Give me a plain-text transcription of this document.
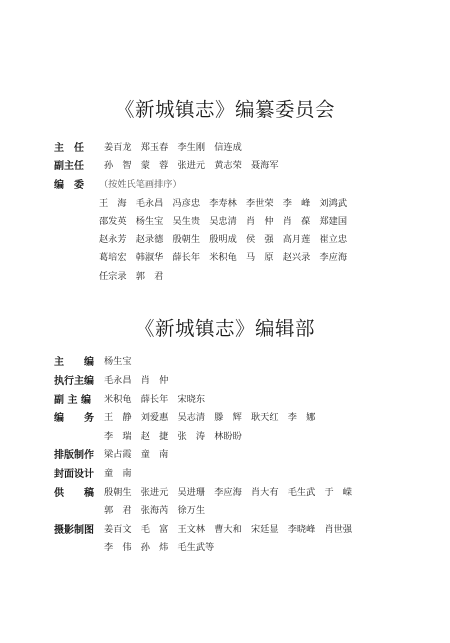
《新城镇志》编纂委员会
主　任 姜百龙　郑玉春　李生刚　信连成
副主任 孙　智　蒙　蓉　张进元　黄志荣　聂海军
编　委 （按姓氏笔画排序）
王　海　毛永昌　冯彦忠　李寿林　李世荣　李　峰　刘鸿武
邵发英　杨生宝　吴生贵　吴忠清　肖　仲　肖　葆　郑建国
赵永芳　赵录德　殷朝生　殷明成　侯　强　高月莲　崔立忠
葛培宏　韩淑华　薛长年　米积龟　马　原　赵兴录　李应海
任宗录　郭　君
《新城镇志》编辑部
主　　编 杨生宝
执行主编 毛永昌　肖　仲
副 主 编 米积龟　薛长年　宋晓东
编　　务 王　静　刘爱惠　吴志清　滕　辉　耿天红　李　娜
李　瑞　赵　捷　张　涛　林盼盼
排版制作 梁占霞　童　南
封面设计 童　南
供　　稿 殷朝生　张进元　吴进珊　李应海　肖大有　毛生武　于　嵘
郭　君　张海芮　徐万生
摄影制图 姜百文　毛　富　王文林　曹大和　宋廷显　李晓峰　肖世强
李　伟　孙　炜　毛生武等
